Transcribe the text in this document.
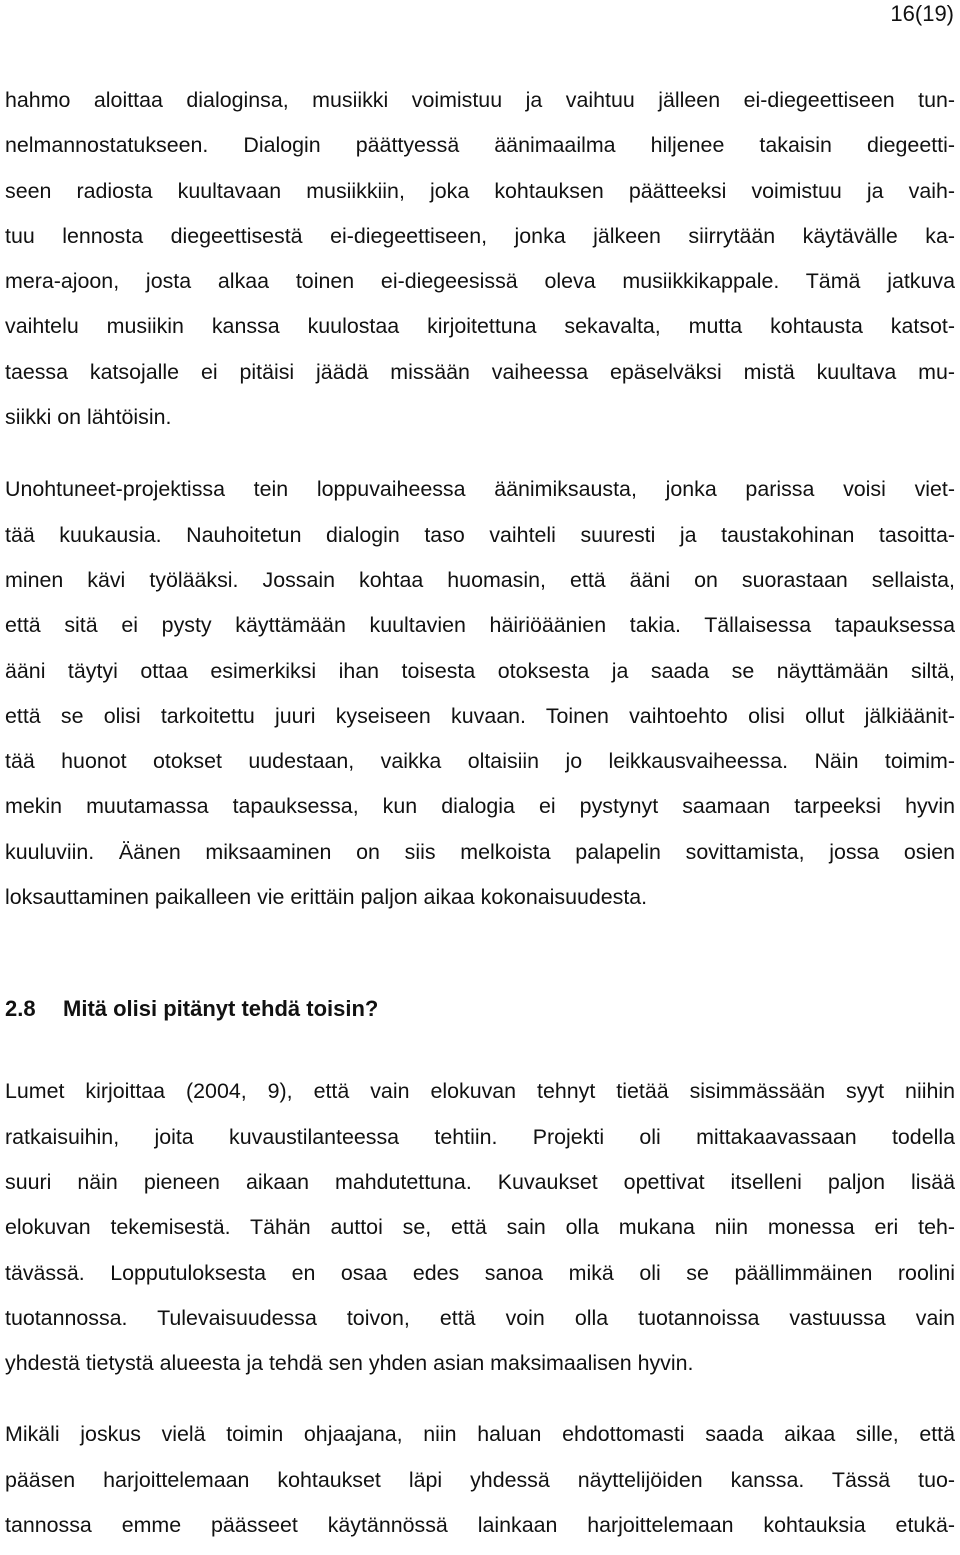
16(19)

hahmo aloittaa dialoginsa, musiikki voimistuu ja vaihtuu jälleen ei-diegeettiseen tun-
nelmannostatukseen. Dialogin päättyessä äänimaailma hiljenee takaisin diegeetti-
seen radiosta kuultavaan musiikkiin, joka kohtauksen päätteeksi voimistuu ja vaih-
tuu lennosta diegeettisestä ei-diegeettiseen, jonka jälkeen siirrytään käytävälle ka-
mera-ajoon, josta alkaa toinen ei-diegeesissä oleva musiikkikappale. Tämä jatkuva
vaihtelu musiikin kanssa kuulostaa kirjoitettuna sekavalta, mutta kohtausta katsot-
taessa katsojalle ei pitäisi jäädä missään vaiheessa epäselväksi mistä kuultava mu-
siikki on lähtöisin.

Unohtuneet-projektissa tein loppuvaiheessa äänimiksausta, jonka parissa voisi viet-
tää kuukausia. Nauhoitetun dialogin taso vaihteli suuresti ja taustakohinan tasoitta-
minen kävi työlääksi. Jossain kohtaa huomasin, että ääni on suorastaan sellaista,
että sitä ei pysty käyttämään kuultavien häiriöäänien takia. Tällaisessa tapauksessa
ääni täytyi ottaa esimerkiksi ihan toisesta otoksesta ja saada se näyttämään siltä,
että se olisi tarkoitettu juuri kyseiseen kuvaan. Toinen vaihtoehto olisi ollut jälkiäänit-
tää huonot otokset uudestaan, vaikka oltaisiin jo leikkausvaiheessa. Näin toimim-
mekin muutamassa tapauksessa, kun dialogia ei pystynyt saamaan tarpeeksi hyvin
kuuluviin. Äänen miksaaminen on siis melkoista palapelin sovittamista, jossa osien
loksauttaminen paikalleen vie erittäin paljon aikaa kokonaisuudesta.

2.8	Mitä olisi pitänyt tehdä toisin?

Lumet kirjoittaa (2004, 9), että vain elokuvan tehnyt tietää sisimmässään syyt niihin
ratkaisuihin, joita kuvaustilanteessa tehtiin. Projekti oli mittakaavassaan todella
suuri näin pieneen aikaan mahdutettuna. Kuvaukset opettivat itselleni paljon lisää
elokuvan tekemisestä. Tähän auttoi se, että sain olla mukana niin monessa eri teh-
tävässä. Lopputuloksesta en osaa edes sanoa mikä oli se päällimmäinen roolini
tuotannossa. Tulevaisuudessa toivon, että voin olla tuotannoissa vastuussa vain
yhdestä tietystä alueesta ja tehdä sen yhden asian maksimaalisen hyvin.

Mikäli joskus vielä toimin ohjaajana, niin haluan ehdottomasti saada aikaa sille, että
pääsen harjoittelemaan kohtaukset läpi yhdessä näyttelijöiden kanssa. Tässä tuo-
tannossa emme päässeet käytännössä lainkaan harjoittelemaan kohtauksia etukä-
